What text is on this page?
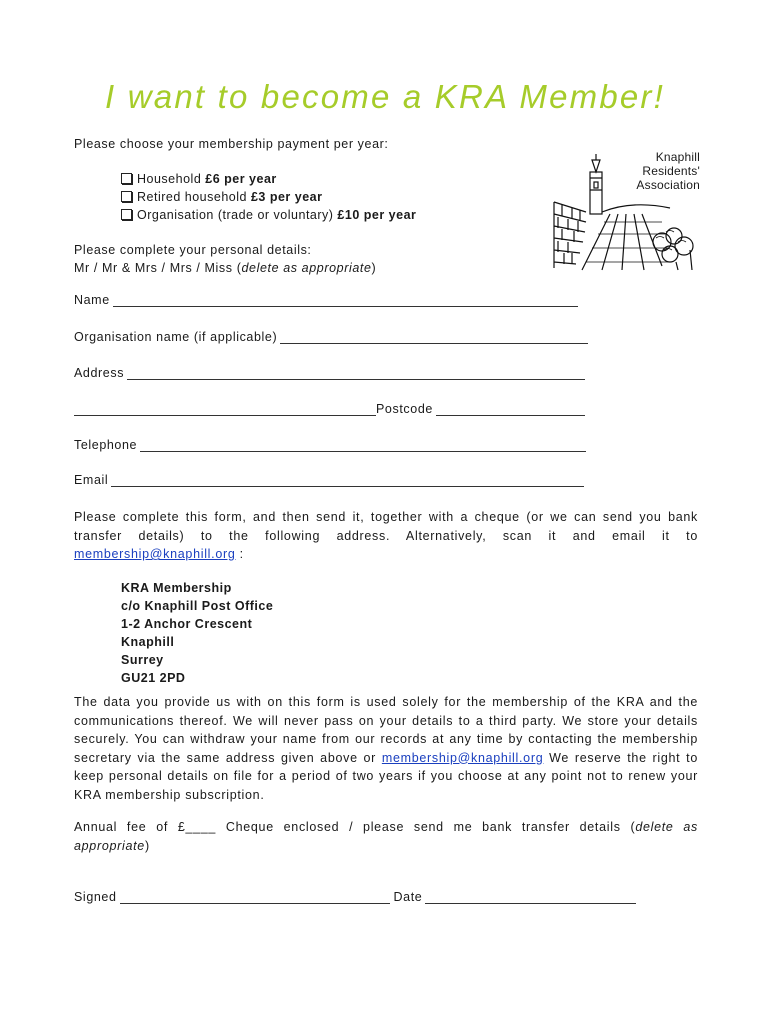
I want to become a KRA Member!
Please choose your membership payment per year:
Household £6 per year
Retired household £3 per year
Organisation (trade or voluntary) £10 per year
Knaphill
Residents'
Association
Please complete your personal details:
Mr / Mr & Mrs / Mrs / Miss (delete as appropriate)
Name
Organisation name (if applicable)
Address
Postcode
Telephone
Email
Please complete this form, and then send it, together with a cheque (or we can send you bank transfer details) to the following address. Alternatively, scan it and email it to membership@knaphill.org :
KRA Membership
c/o Knaphill Post Office
1-2 Anchor Crescent
Knaphill
Surrey
GU21 2PD
The data you provide us with on this form is used solely for the membership of the KRA and the communications thereof. We will never pass on your details to a third party. We store your details securely. You can withdraw your name from our records at any time by contacting the membership secretary via the same address given above or membership@knaphill.org We reserve the right to keep personal details on file for a period of two years if you choose at any point not to renew your KRA membership subscription.
Annual fee of £____ Cheque enclosed / please send me bank transfer details (delete as appropriate)
Signed	Date
